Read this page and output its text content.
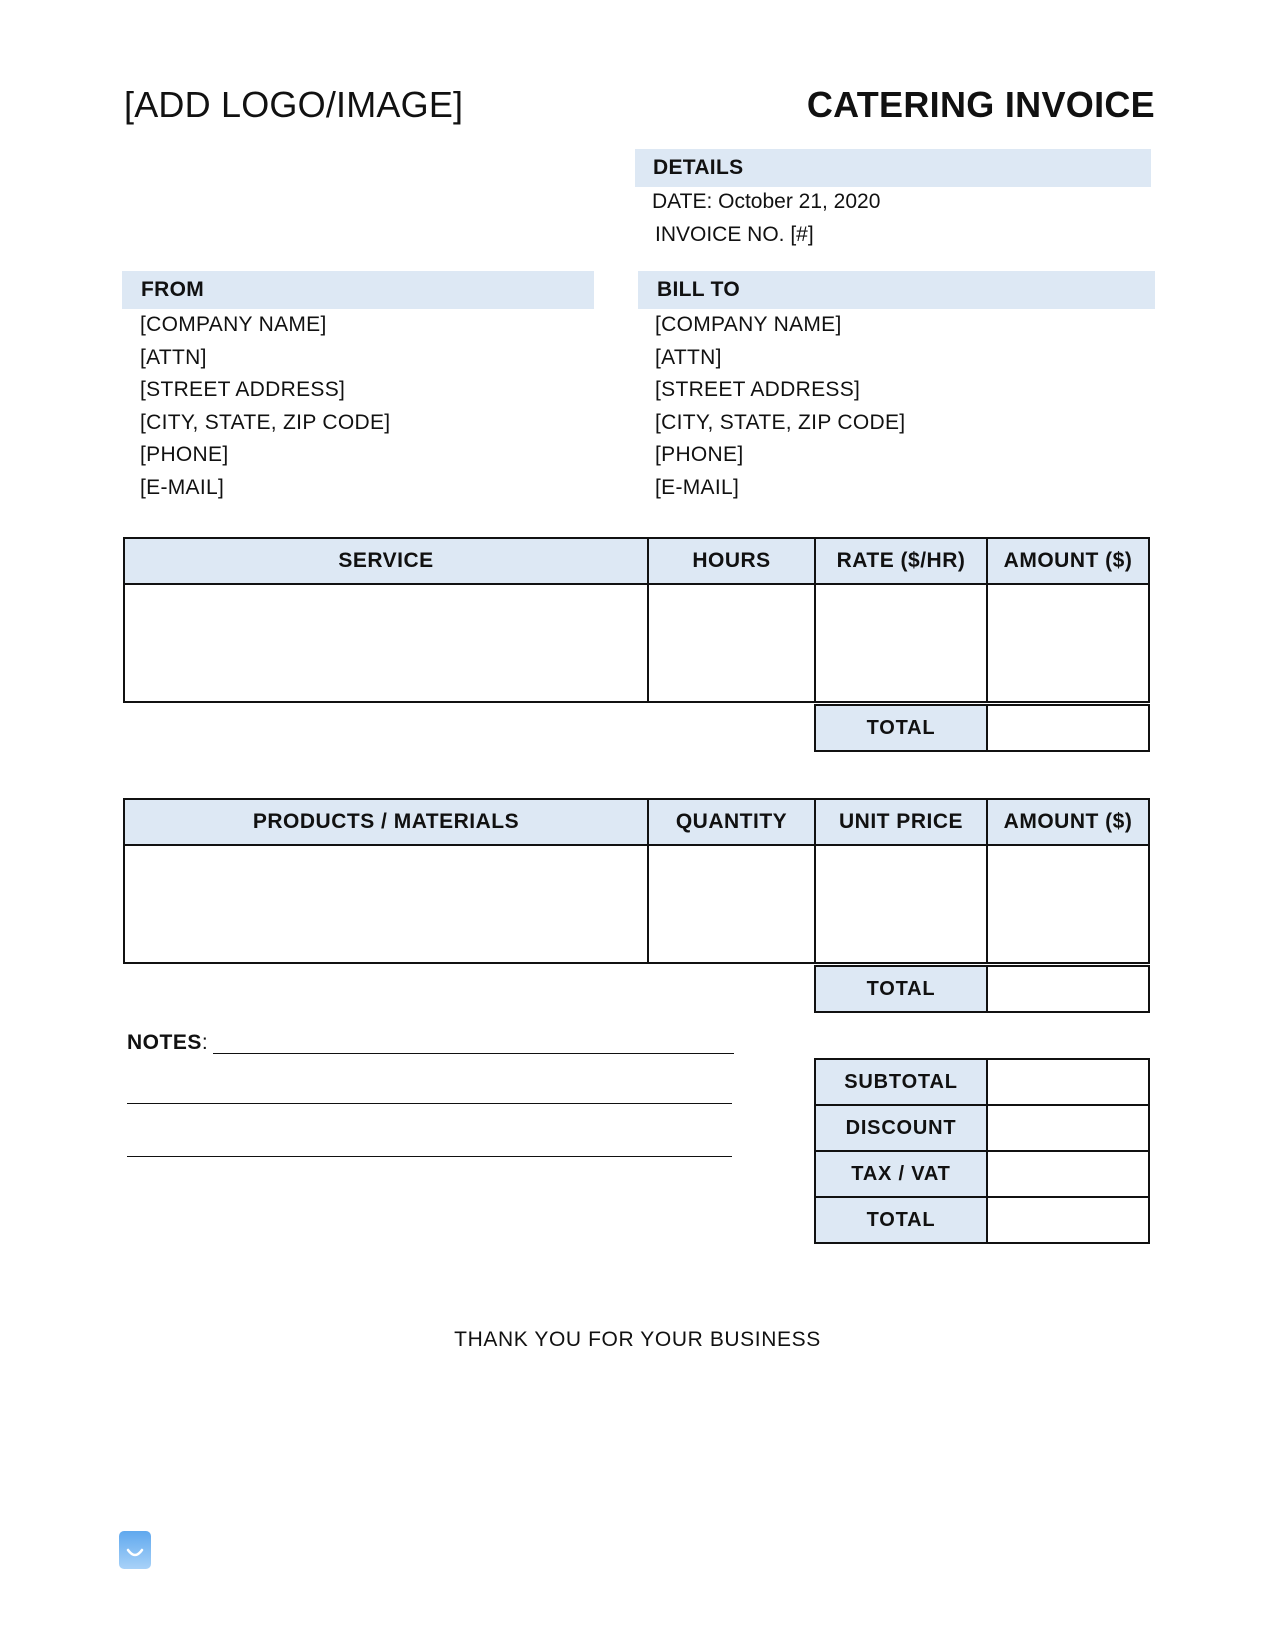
[ADD LOGO/IMAGE]	CATERING INVOICE
DETAILS
DATE: October 21, 2020
INVOICE NO. [#]
FROM
[COMPANY NAME]
[ATTN]
[STREET ADDRESS]
[CITY, STATE, ZIP CODE]
[PHONE]
[E-MAIL]
BILL TO
[COMPANY NAME]
[ATTN]
[STREET ADDRESS]
[CITY, STATE, ZIP CODE]
[PHONE]
[E-MAIL]
SERVICE	HOURS	RATE ($/HR)	AMOUNT ($)

TOTAL	
PRODUCTS / MATERIALS	QUANTITY	UNIT PRICE	AMOUNT ($)

TOTAL	
NOTES:
SUBTOTAL	
DISCOUNT	
TAX / VAT	
TOTAL	
THANK YOU FOR YOUR BUSINESS
